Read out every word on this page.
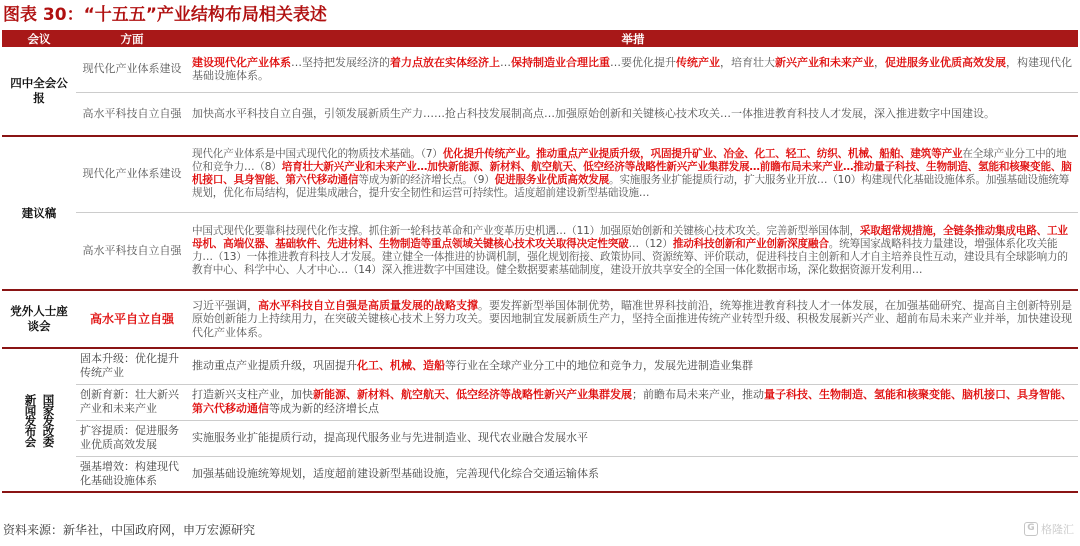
图表 30：“十五五”产业结构布局相关表述
会议	方面	举措
四中全会公报	现代化产业体系建设	建设现代化产业体系…坚持把发展经济的着力点放在实体经济上…保持制造业合理比重…要优化提升传统产业，培育壮大新兴产业和未来产业，促进服务业优质高效发展，构建现代化基础设施体系。
	高水平科技自立自强	加快高水平科技自立自强，引领发展新质生产力……抢占科技发展制高点…加强原始创新和关键核心技术攻关…一体推进教育科技人才发展，深入推进数字中国建设。
建议稿	现代化产业体系建设	现代化产业体系是中国式现代化的物质技术基础。（7）优化提升传统产业。推动重点产业提质升级，巩固提升矿业、冶金、化工、轻工、纺织、机械、船舶、建筑等产业在全球产业分工中的地位和竞争力…（8）培育壮大新兴产业和未来产业…加快新能源、新材料、航空航天、低空经济等战略性新兴产业集群发展…前瞻布局未来产业…推动量子科技、生物制造、氢能和核聚变能、脑机接口、具身智能、第六代移动通信等成为新的经济增长点。（9）促进服务业优质高效发展。实施服务业扩能提质行动，扩大服务业开放…（10）构建现代化基础设施体系。加强基础设施统筹规划，优化布局结构，促进集成融合，提升安全韧性和运营可持续性。适度超前建设新型基础设施…
	高水平科技自立自强	中国式现代化要靠科技现代化作支撑。抓住新一轮科技革命和产业变革历史机遇…（11）加强原始创新和关键核心技术攻关。完善新型举国体制，采取超常规措施，全链条推动集成电路、工业母机、高端仪器、基础软件、先进材料、生物制造等重点领域关键核心技术攻关取得决定性突破…（12）推动科技创新和产业创新深度融合。统筹国家战略科技力量建设，增强体系化攻关能力…（13）一体推进教育科技人才发展。建立健全一体推进的协调机制，强化规划衔接、政策协同、资源统筹、评价联动，促进科技自主创新和人才自主培养良性互动，建设具有全球影响力的教育中心、科学中心、人才中心…（14）深入推进数字中国建设。健全数据要素基础制度，建设开放共享安全的全国一体化数据市场，深化数据资源开发利用…
党外人士座谈会	高水平自立自强	习近平强调，高水平科技自立自强是高质量发展的战略支撑。要发挥新型举国体制优势，瞄准世界科技前沿，统筹推进教育科技人才一体发展，在加强基础研究、提高自主创新特别是原始创新能力上持续用力，在突破关键核心技术上努力攻关。要因地制宜发展新质生产力，坚持全面推进传统产业转型升级、积极发展新兴产业、超前布局未来产业并举，加快建设现代化产业体系。

新闻发布会 国家发改委	固本升级：优化提升传统产业	推动重点产业提质升级，巩固提升化工、机械、造船等行业在全球产业分工中的地位和竞争力，发展先进制造业集群
	创新育新：壮大新兴产业和未来产业	打造新兴支柱产业，加快新能源、新材料、航空航天、低空经济等战略性新兴产业集群发展；前瞻布局未来产业，推动量子科技、生物制造、氢能和核聚变能、脑机接口、具身智能、第六代移动通信等成为新的经济增长点
	扩容提质：促进服务业优质高效发展	实施服务业扩能提质行动，提高现代服务业与先进制造业、现代农业融合发展水平
	强基增效：构建现代化基础设施体系	加强基础设施统筹规划，适度超前建设新型基础设施，完善现代化综合交通运输体系
资料来源：新华社，中国政府网，申万宏源研究	G 格隆汇
